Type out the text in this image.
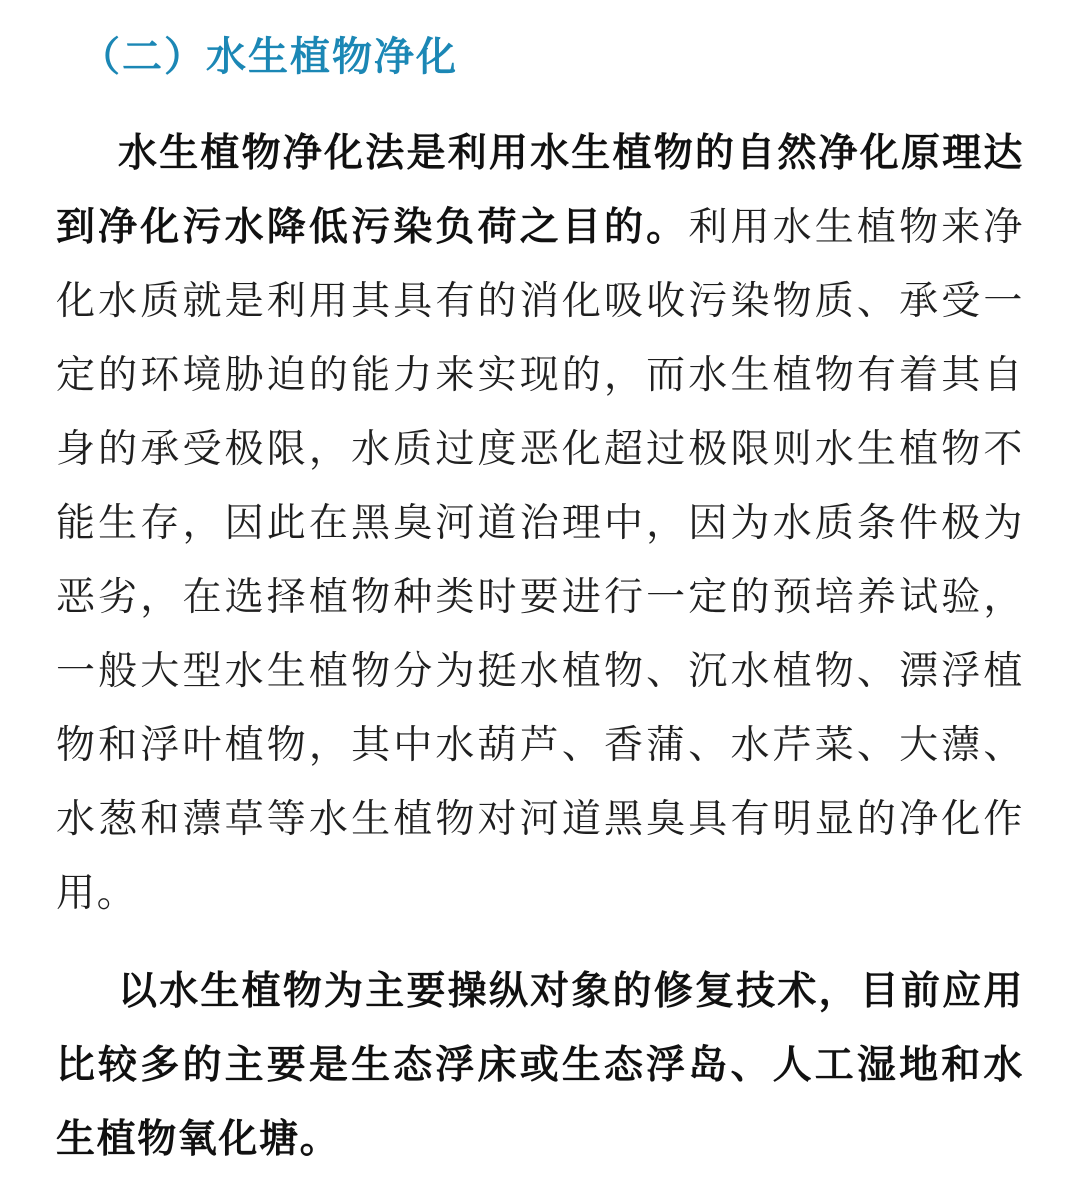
（二）水生植物净化

水生植物净化法是利用水生植物的自然净化原理达到净化污水降低污染负荷之目的。利用水生植物来净化水质就是利用其具有的消化吸收污染物质、承受一定的环境胁迫的能力来实现的，而水生植物有着其自身的承受极限，水质过度恶化超过极限则水生植物不能生存，因此在黑臭河道治理中，因为水质条件极为恶劣，在选择植物种类时要进行一定的预培养试验，一般大型水生植物分为挺水植物、沉水植物、漂浮植物和浮叶植物，其中水葫芦、香蒲、水芹菜、大薸、水葱和薸草等水生植物对河道黑臭具有明显的净化作用。

以水生植物为主要操纵对象的修复技术，目前应用比较多的主要是生态浮床或生态浮岛、人工湿地和水生植物氧化塘。
